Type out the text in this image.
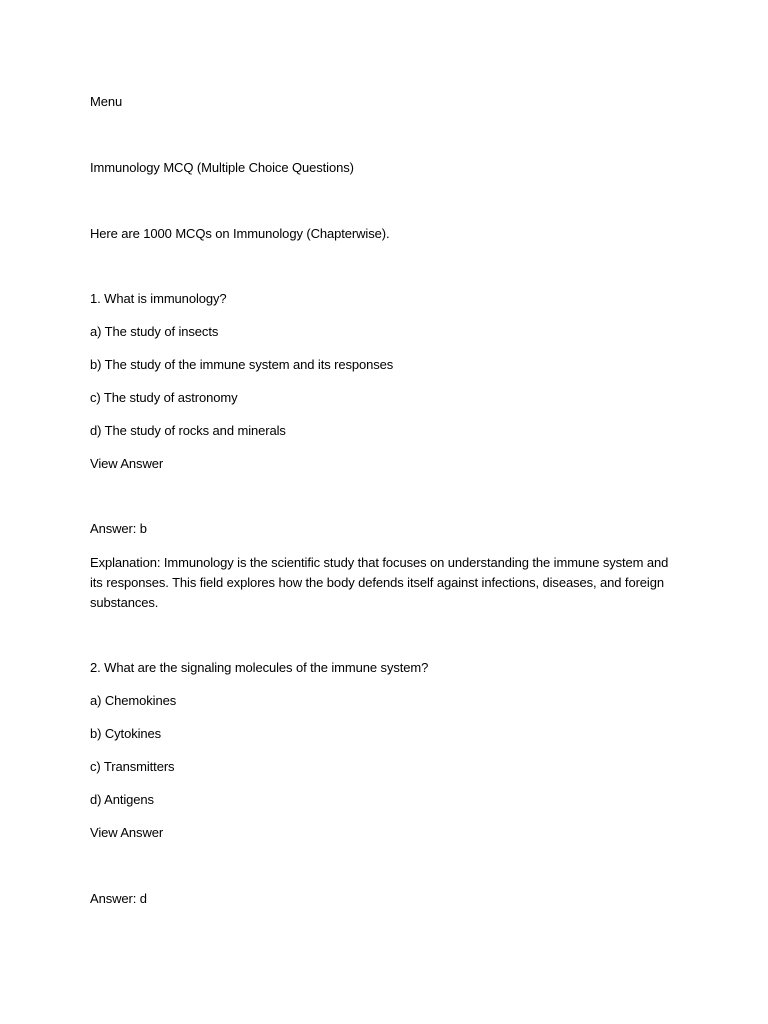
Menu
Immunology MCQ (Multiple Choice Questions)
Here are 1000 MCQs on Immunology (Chapterwise).
1. What is immunology?
a) The study of insects
b) The study of the immune system and its responses
c) The study of astronomy
d) The study of rocks and minerals
View Answer
Answer: b
Explanation: Immunology is the scientific study that focuses on understanding the immune system and its responses. This field explores how the body defends itself against infections, diseases, and foreign substances.
2. What are the signaling molecules of the immune system?
a) Chemokines
b) Cytokines
c) Transmitters
d) Antigens
View Answer
Answer: d
